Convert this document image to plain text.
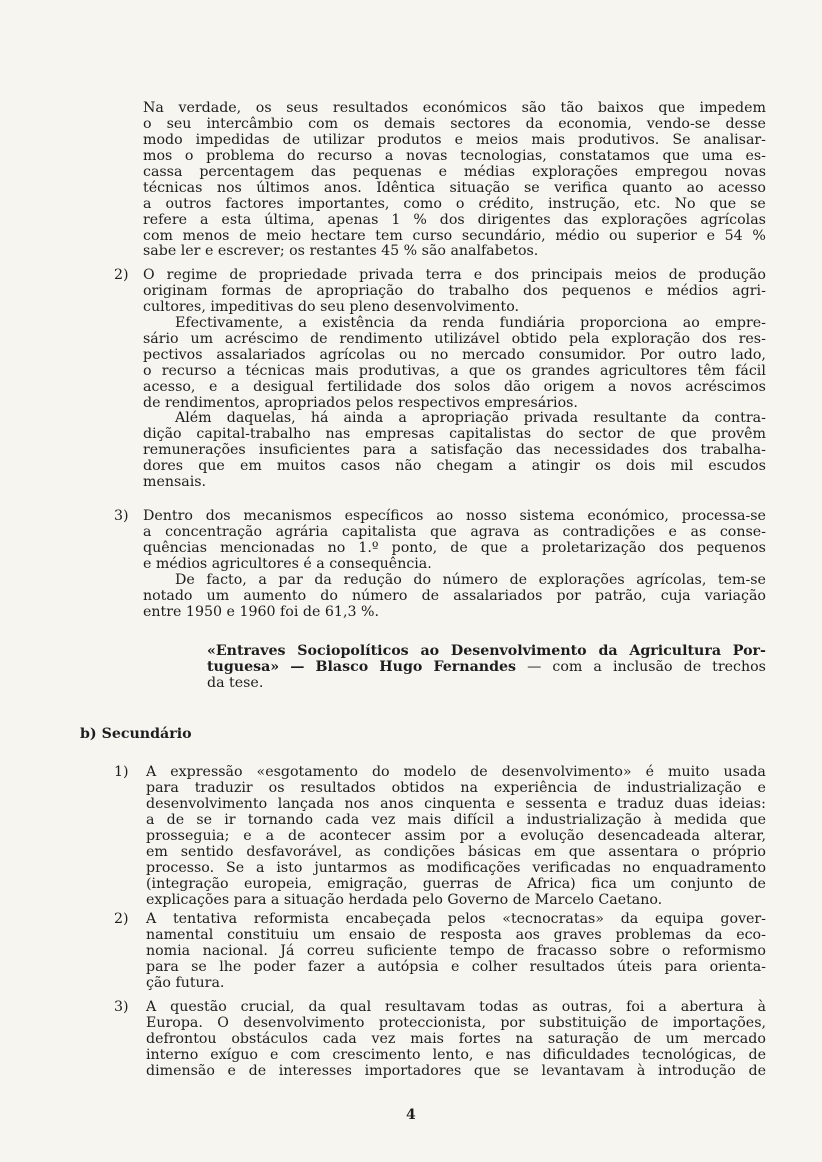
Na verdade, os seus resultados económicos são tão baixos que impedem
o seu intercâmbio com os demais sectores da economia, vendo-se desse
modo impedidas de utilizar produtos e meios mais produtivos. Se analisar-
mos o problema do recurso a novas tecnologias, constatamos que uma es-
cassa percentagem das pequenas e médias explorações empregou novas
técnicas nos últimos anos. Idêntica situação se verifica quanto ao acesso
a outros factores importantes, como o crédito, instrução, etc. No que se
refere a esta última, apenas 1 % dos dirigentes das explorações agrícolas
com menos de meio hectare tem curso secundário, médio ou superior e 54 %
sabe ler e escrever; os restantes 45 % são analfabetos.
2) O regime de propriedade privada terra e dos principais meios de produção
originam formas de apropriação do trabalho dos pequenos e médios agri-
cultores, impeditivas do seu pleno desenvolvimento.
Efectivamente, a existência da renda fundiária proporciona ao empre-
sário um acréscimo de rendimento utilizável obtido pela exploração dos res-
pectivos assalariados agrícolas ou no mercado consumidor. Por outro lado,
o recurso a técnicas mais produtivas, a que os grandes agricultores têm fácil
acesso, e a desigual fertilidade dos solos dão origem a novos acréscimos
de rendimentos, apropriados pelos respectivos empresários.
Além daquelas, há ainda a apropriação privada resultante da contra-
dição capital-trabalho nas empresas capitalistas do sector de que provêm
remunerações insuficientes para a satisfação das necessidades dos trabalha-
dores que em muitos casos não chegam a atingir os dois mil escudos
mensais.
3) Dentro dos mecanismos específicos ao nosso sistema económico, processa-se
a concentração agrária capitalista que agrava as contradições e as conse-
quências mencionadas no 1.º ponto, de que a proletarização dos pequenos
e médios agricultores é a consequência.
De facto, a par da redução do número de explorações agrícolas, tem-se
notado um aumento do número de assalariados por patrão, cuja variação
entre 1950 e 1960 foi de 61,3 %.
«Entraves Sociopolíticos ao Desenvolvimento da Agricultura Por-
tuguesa» — Blasco Hugo Fernandes — com a inclusão de trechos
da tese.
b) Secundário
1) A expressão «esgotamento do modelo de desenvolvimento» é muito usada
para traduzir os resultados obtidos na experiência de industrialização e
desenvolvimento lançada nos anos cinquenta e sessenta e traduz duas ideias:
a de se ir tornando cada vez mais difícil a industrialização à medida que
prosseguia; e a de acontecer assim por a evolução desencadeada alterar,
em sentido desfavorável, as condições básicas em que assentara o próprio
processo. Se a isto juntarmos as modificações verificadas no enquadramento
(integração europeia, emigração, guerras de Africa) fica um conjunto de
explicações para a situação herdada pelo Governo de Marcelo Caetano.
2) A tentativa reformista encabeçada pelos «tecnocratas» da equipa gover-
namental constituiu um ensaio de resposta aos graves problemas da eco-
nomia nacional. Já correu suficiente tempo de fracasso sobre o reformismo
para se lhe poder fazer a autópsia e colher resultados úteis para orienta-
ção futura.
3) A questão crucial, da qual resultavam todas as outras, foi a abertura à
Europa. O desenvolvimento proteccionista, por substituição de importações,
defrontou obstáculos cada vez mais fortes na saturação de um mercado
interno exíguo e com crescimento lento, e nas dificuldades tecnológicas, de
dimensão e de interesses importadores que se levantavam à introdução de
4
